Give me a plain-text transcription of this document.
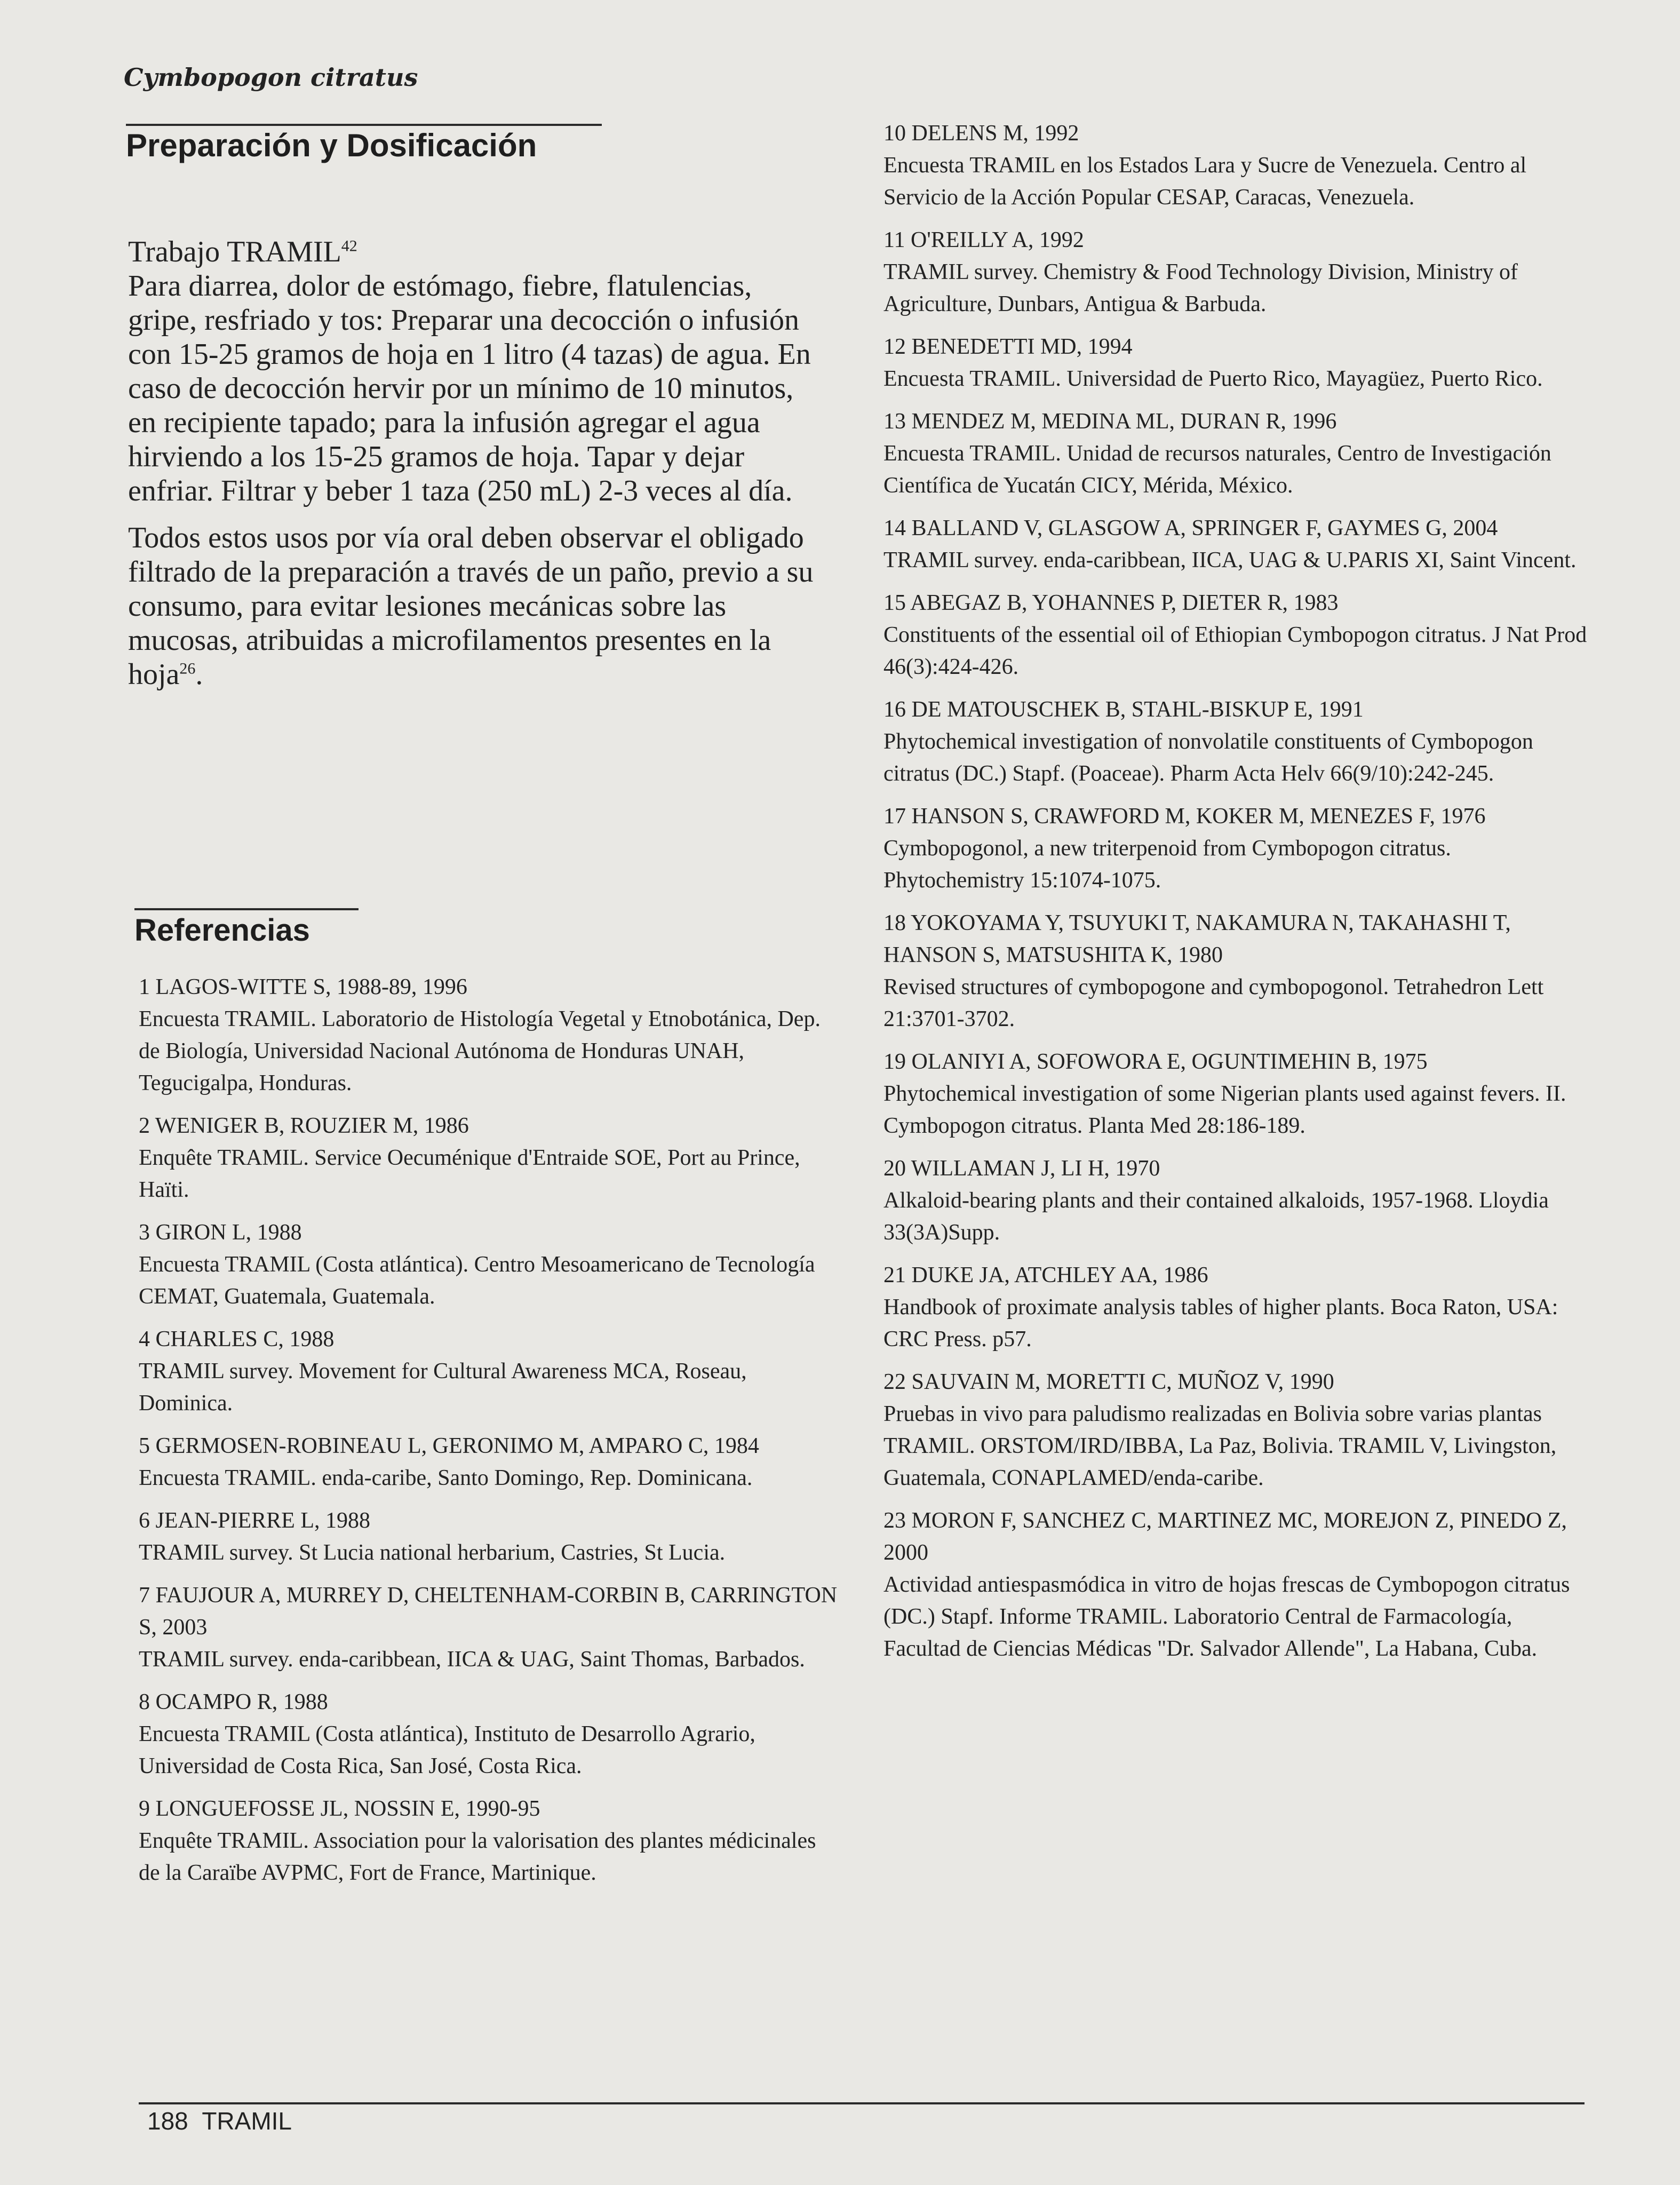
Cymbopogon citratus
Preparación y Dosificación

Trabajo TRAMIL$^{42}$

Para diarrea, dolor de estómago, fiebre, flatulencias, gripe, resfriado y tos: Preparar una decocción o infusión con 15-25 gramos de hoja en 1 litro (4 tazas) de agua. En caso de decocción hervir por un mínimo de 10 minutos, en recipiente tapado; para la infusión agregar el agua hirviendo a los 15-25 gramos de hoja. Tapar y dejar enfriar. Filtrar y beber 1 taza (250 mL) 2-3 veces al día.

Todos estos usos por vía oral deben observar el obligado filtrado de la preparación a través de un paño, previo a su consumo, para evitar lesiones mecánicas sobre las mucosas, atribuidas a microfilamentos presentes en la hoja$^{26}$.

Referencias
1 LAGOS-WITTE S, 1988-89, 1996
Encuesta TRAMIL. Laboratorio de Histología Vegetal y Etnobotánica, Dep. de Biología, Universidad Nacional Autónoma de Honduras UNAH, Tegucigalpa, Honduras.
2 WENIGER B, ROUZIER M, 1986
Enquête TRAMIL. Service Oecuménique d'Entraide SOE, Port au Prince, Haïti.
3 GIRON L, 1988
Encuesta TRAMIL (Costa atlántica). Centro Mesoamericano de Tecnología CEMAT, Guatemala, Guatemala.
4 CHARLES C, 1988
TRAMIL survey. Movement for Cultural Awareness MCA, Roseau, Dominica.
5 GERMOSEN-ROBINEAU L, GERONIMO M, AMPARO C, 1984
Encuesta TRAMIL. enda-caribe, Santo Domingo, Rep. Dominicana.
6 JEAN-PIERRE L, 1988
TRAMIL survey. St Lucia national herbarium, Castries, St Lucia.
7 FAUJOUR A, MURREY D, CHELTENHAM-CORBIN B, CARRINGTON S, 2003
TRAMIL survey. enda-caribbean, IICA & UAG, Saint Thomas, Barbados.
8 OCAMPO R, 1988
Encuesta TRAMIL (Costa atlántica), Instituto de Desarrollo Agrario, Universidad de Costa Rica, San José, Costa Rica.
9 LONGUEFOSSE JL, NOSSIN E, 1990-95
Enquête TRAMIL. Association pour la valorisation des plantes médicinales de la Caraïbe AVPMC, Fort de France, Martinique.
10 DELENS M, 1992
Encuesta TRAMIL en los Estados Lara y Sucre de Venezuela. Centro al Servicio de la Acción Popular CESAP, Caracas, Venezuela.
11 O'REILLY A, 1992
TRAMIL survey. Chemistry & Food Technology Division, Ministry of Agriculture, Dunbars, Antigua & Barbuda.
12 BENEDETTI MD, 1994
Encuesta TRAMIL. Universidad de Puerto Rico, Mayagüez, Puerto Rico.
13 MENDEZ M, MEDINA ML, DURAN R, 1996
Encuesta TRAMIL. Unidad de recursos naturales, Centro de Investigación Científica de Yucatán CICY, Mérida, México.
14 BALLAND V, GLASGOW A, SPRINGER F, GAYMES G, 2004
TRAMIL survey. enda-caribbean, IICA, UAG & U.PARIS XI, Saint Vincent.
15 ABEGAZ B, YOHANNES P, DIETER R, 1983
Constituents of the essential oil of Ethiopian Cymbopogon citratus. J Nat Prod 46(3):424-426.
16 DE MATOUSCHEK B, STAHL-BISKUP E, 1991
Phytochemical investigation of nonvolatile constituents of Cymbopogon citratus (DC.) Stapf. (Poaceae). Pharm Acta Helv 66(9/10):242-245.
17 HANSON S, CRAWFORD M, KOKER M, MENEZES F, 1976
Cymbopogonol, a new triterpenoid from Cymbopogon citratus. Phytochemistry 15:1074-1075.
18 YOKOYAMA Y, TSUYUKI T, NAKAMURA N, TAKAHASHI T, HANSON S, MATSUSHITA K, 1980
Revised structures of cymbopogone and cymbopogonol. Tetrahedron Lett 21:3701-3702.
19 OLANIYI A, SOFOWORA E, OGUNTIMEHIN B, 1975
Phytochemical investigation of some Nigerian plants used against fevers. II. Cymbopogon citratus. Planta Med 28:186-189.
20 WILLAMAN J, LI H, 1970
Alkaloid-bearing plants and their contained alkaloids, 1957-1968. Lloydia 33(3A)Supp.
21 DUKE JA, ATCHLEY AA, 1986
Handbook of proximate analysis tables of higher plants. Boca Raton, USA: CRC Press. p57.
22 SAUVAIN M, MORETTI C, MUÑOZ V, 1990
Pruebas in vivo para paludismo realizadas en Bolivia sobre varias plantas TRAMIL. ORSTOM/IRD/IBBA, La Paz, Bolivia. TRAMIL V, Livingston, Guatemala, CONAPLAMED/enda-caribe.
23 MORON F, SANCHEZ C, MARTINEZ MC, MOREJON Z, PINEDO Z, 2000
Actividad antiespasmódica in vitro de hojas frescas de Cymbopogon citratus (DC.) Stapf. Informe TRAMIL. Laboratorio Central de Farmacología, Facultad de Ciencias Médicas "Dr. Salvador Allende", La Habana, Cuba.
188 TRAMIL
